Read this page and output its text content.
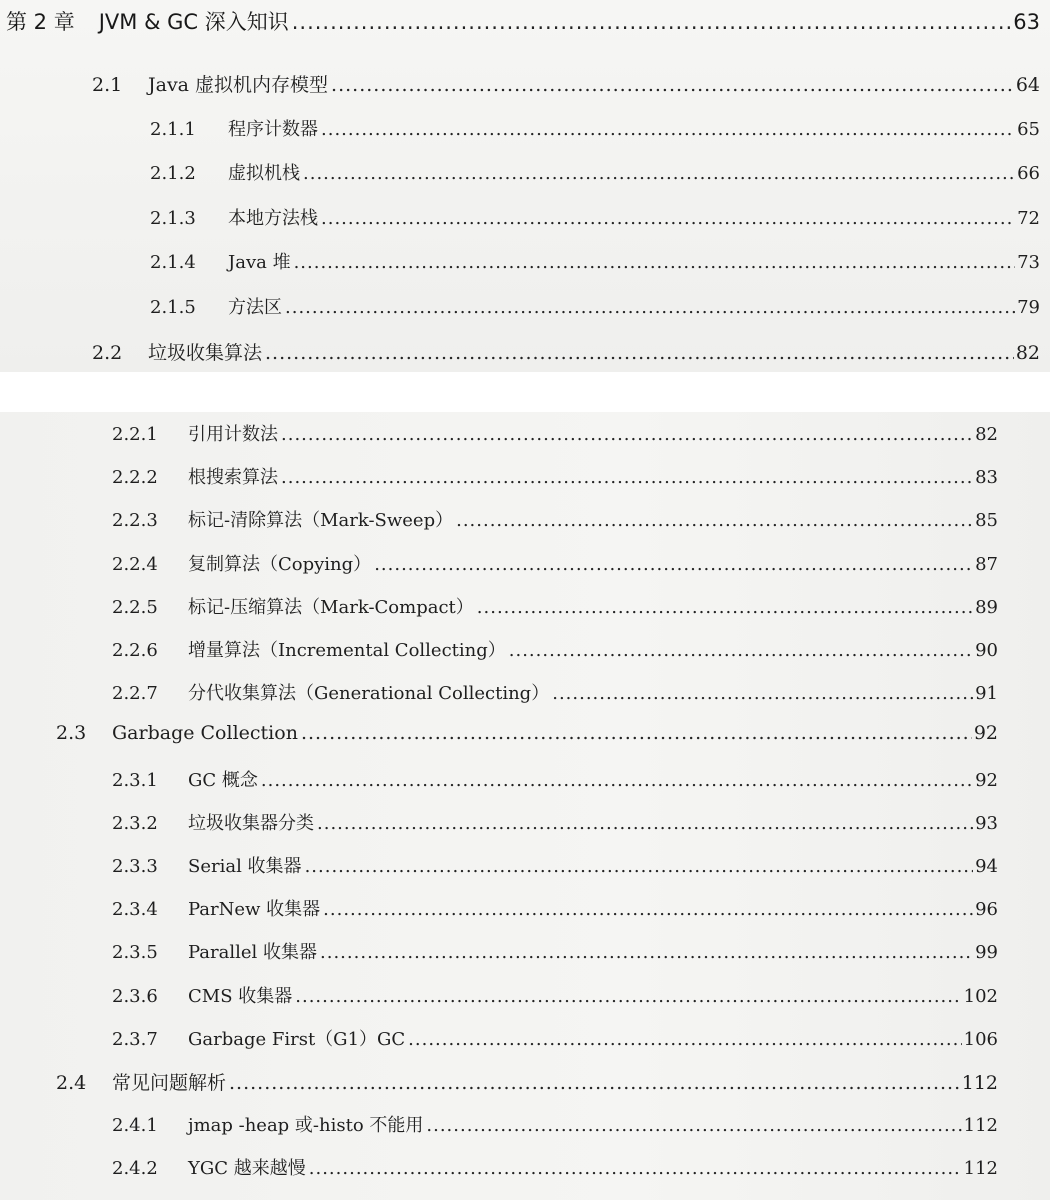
第 2 章 JVM & GC 深入知识 .....	63
2.1	Java 虚拟机内存模型 .....	64
2.1.1	程序计数器 .....	65
2.1.2	虚拟机栈 .....	66
2.1.3	本地方法栈 .....	72
2.1.4	Java 堆 .....	73
2.1.5	方法区 .....	79
2.2	垃圾收集算法 .....	82
2.2.1	引用计数法 .....	82
2.2.2	根搜索算法 .....	83
2.2.3	标记-清除算法（Mark-Sweep） .....	85
2.2.4	复制算法（Copying） .....	87
2.2.5	标记-压缩算法（Mark-Compact） .....	89
2.2.6	增量算法（Incremental Collecting） .....	90
2.2.7	分代收集算法（Generational Collecting） .....	91
2.3	Garbage Collection .....	92
2.3.1	GC 概念 .....	92
2.3.2	垃圾收集器分类 .....	93
2.3.3	Serial 收集器 .....	94
2.3.4	ParNew 收集器 .....	96
2.3.5	Parallel 收集器 .....	99
2.3.6	CMS 收集器 .....	102
2.3.7	Garbage First（G1）GC .....	106
2.4	常见问题解析 .....	112
2.4.1	jmap -heap 或-histo 不能用 .....	112
2.4.2	YGC 越来越慢 .....	112
